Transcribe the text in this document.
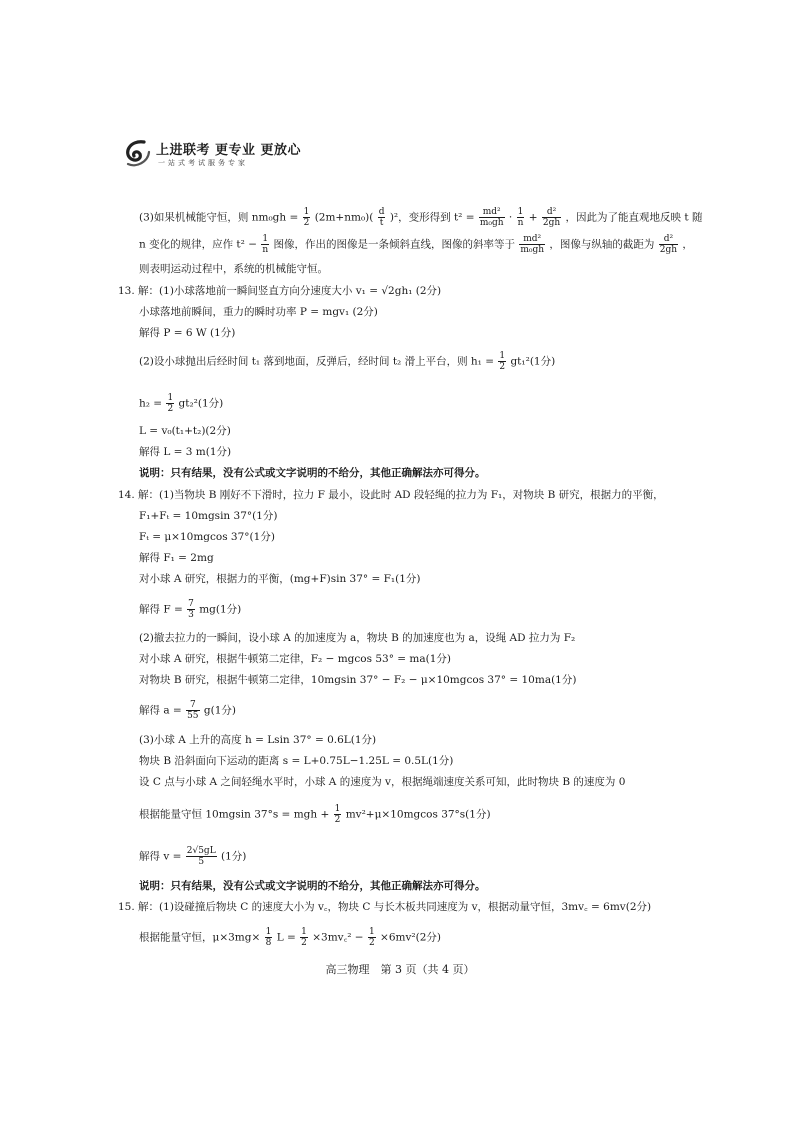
上进联考 更专业 更放心
一站式考试服务专家
(3)如果机械能守恒，则 $nm_0gh = \frac{1}{2} (2m+nm_0)( \frac{d}{t} )^2$，变形得到 $t^2 = \frac{\text{md²}}{\text{m₀gh}} \cdot \frac{1}{n} + \frac{\text{d²}}{2gh}$ ，因此为了能直观地反映 t 随
n 变化的规律，应作 $t^2 - \frac{1}{n}$ 图像，作出的图像是一条倾斜直线，图像的斜率等于 $\frac{\text{md²}}{\text{m₀gh}}$ ，图像与纵轴的截距为 $\frac{\text{d²}}{2gh}$ ，
则表明运动过程中，系统的机械能守恒。
13. 解：(1)小球落地前一瞬间竖直方向分速度大小 v₁ = √2gh₁ (2分)
小球落地前瞬间，重力的瞬时功率 P = mgv₁ (2分)
解得 P = 6 W (1分)
(2)设小球抛出后经时间 t₁ 落到地面，反弹后，经时间 t₂ 滑上平台，则 $h_1 = \frac{1}{2} gt_1^2(1$分)
$h_2 = \frac{1}{2} gt_2^2(1$分)
L = v₀(t₁+t₂)(2分)
解得 L = 3 m(1分)
说明：只有结果，没有公式或文字说明的不给分，其他正确解法亦可得分。
14. 解：(1)当物块 B 刚好不下滑时，拉力 F 最小，设此时 AD 段轻绳的拉力为 F₁，对物块 B 研究，根据力的平衡，
F₁+Fₜ = 10mgsin 37°(1分)
Fₜ = μ×10mgcos 37°(1分)
解得 F₁ = 2mg
对小球 A 研究，根据力的平衡，(mg+F)sin 37° = F₁(1分)
解得 $F = \frac{7}{3} mg(1$分)
(2)撤去拉力的一瞬间，设小球 A 的加速度为 a，物块 B 的加速度也为 a，设绳 AD 拉力为 F₂
对小球 A 研究，根据牛顿第二定律，F₂ − mgcos 53° = ma(1分)
对物块 B 研究，根据牛顿第二定律，10mgsin 37° − F₂ − μ×10mgcos 37° = 10ma(1分)
解得 $a = \frac{7}{55} g(1$分)
(3)小球 A 上升的高度 h = Lsin 37° = 0.6L(1分)
物块 B 沿斜面向下运动的距离 s = L+0.75L−1.25L = 0.5L(1分)
设 C 点与小球 A 之间轻绳水平时，小球 A 的速度为 v，根据绳端速度关系可知，此时物块 B 的速度为 0
根据能量守恒 10mgsin 37°s = mgh + $\frac{1}{2} mv^2+\mu\times 10mgcos$ 37°s(1分)
解得 $v = \frac{2√5gL}{5} (1$分)
说明：只有结果，没有公式或文字说明的不给分，其他正确解法亦可得分。
15. 解：(1)设碰撞后物块 C 的速度大小为 v꜀，物块 C 与长木板共同速度为 v，根据动量守恒，3mv꜀ = 6mv(2分)
根据能量守恒，$\mu\times 3mg\times \frac{1}{8}$ $L = \frac{1}{2}$ ×3mv꜀² − $\frac{1}{2} \times 6mv^2(2$分)
高三物理　第 3 页（共 4 页）
